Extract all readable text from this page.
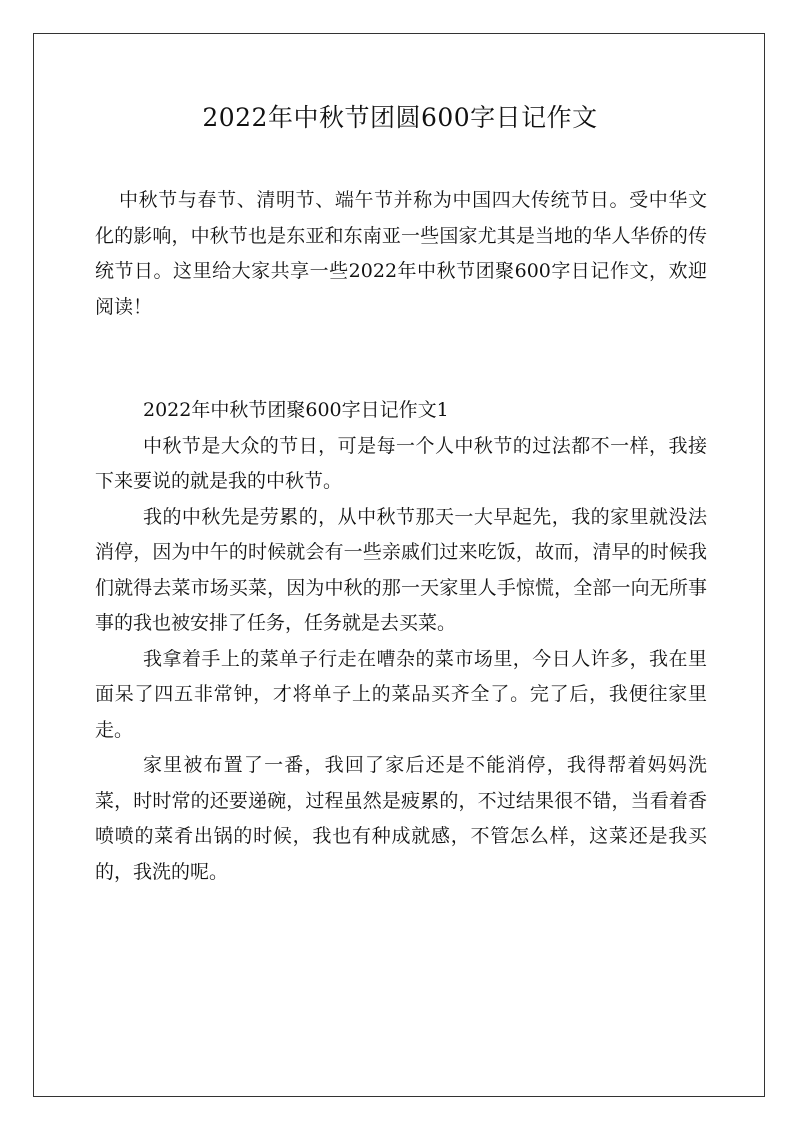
2022年中秋节团圆600字日记作文

中秋节与春节、清明节、端午节并称为中国四大传统节日。受中华文化的影响，中秋节也是东亚和东南亚一些国家尤其是当地的华人华侨的传统节日。这里给大家共享一些2022年中秋节团聚600字日记作文，欢迎阅读！

2022年中秋节团聚600字日记作文1

中秋节是大众的节日，可是每一个人中秋节的过法都不一样，我接下来要说的就是我的中秋节。

我的中秋先是劳累的，从中秋节那天一大早起先，我的家里就没法消停，因为中午的时候就会有一些亲戚们过来吃饭，故而，清早的时候我们就得去菜市场买菜，因为中秋的那一天家里人手惊慌，全部一向无所事事的我也被安排了任务，任务就是去买菜。

我拿着手上的菜单子行走在嘈杂的菜市场里，今日人许多，我在里面呆了四五非常钟，才将单子上的菜品买齐全了。完了后，我便往家里走。

家里被布置了一番，我回了家后还是不能消停，我得帮着妈妈洗菜，时时常的还要递碗，过程虽然是疲累的，不过结果很不错，当看着香喷喷的菜肴出锅的时候，我也有种成就感，不管怎么样，这菜还是我买的，我洗的呢。
